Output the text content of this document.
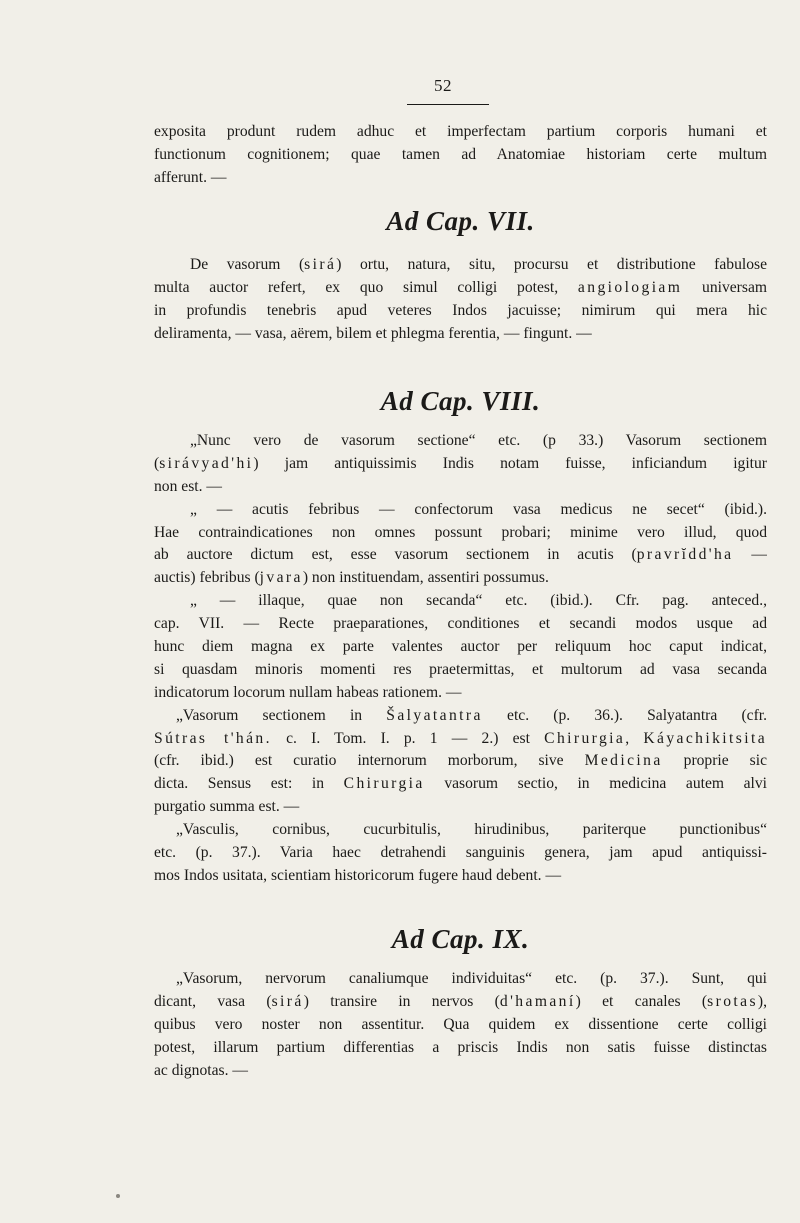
52
exposita produnt rudem adhuc et imperfectam partium corporis humani et
functionum cognitionem; quae tamen ad Anatomiae historiam certe multum
afferunt. —
Ad Cap. VII.
De vasorum (sirá) ortu, natura, situ, procursu et distributione fabulose
multa auctor refert, ex quo simul colligi potest, angiologiam universam
in profundis tenebris apud veteres Indos jacuisse; nimirum qui mera hic
deliramenta, — vasa, aërem, bilem et phlegma ferentia, — fingunt. —
Ad Cap. VIII.
„Nunc vero de vasorum sectione“ etc. (p 33.) Vasorum sectionem
(sirávyad'hi) jam antiquissimis Indis notam fuisse, inficiandum igitur
non est. —
„ — acutis febribus — confectorum vasa medicus ne secet“ (ibid.).
Hae contraindicationes non omnes possunt probari; minime vero illud, quod
ab auctore dictum est, esse vasorum sectionem in acutis (pravrĭdd'ha —
auctis) febribus (jvara) non instituendam, assentiri possumus.
„ — illaque, quae non secanda“ etc. (ibid.). Cfr. pag. anteced.,
cap. VII. — Recte praeparationes, conditiones et secandi modos usque ad
hunc diem magna ex parte valentes auctor per reliquum hoc caput indicat,
si quasdam minoris momenti res praetermittas, et multorum ad vasa secanda
indicatorum locorum nullam habeas rationem. —
„Vasorum sectionem in Šalyatantra etc. (p. 36.). Salyatantra (cfr.
Sútras t'hán. c. I. Tom. I. p. 1 — 2.) est Chirurgia, Káyachikitsita
(cfr. ibid.) est curatio internorum morborum, sive Medicina proprie sic
dicta. Sensus est: in Chirurgia vasorum sectio, in medicina autem alvi
purgatio summa est. —
„Vasculis, cornibus, cucurbitulis, hirudinibus, pariterque punctionibus“
etc. (p. 37.). Varia haec detrahendi sanguinis genera, jam apud antiquissi-
mos Indos usitata, scientiam historicorum fugere haud debent. —
Ad Cap. IX.
„Vasorum, nervorum canaliumque individuitas“ etc. (p. 37.). Sunt, qui
dicant, vasa (sirá) transire in nervos (d'hamaní) et canales (srotas),
quibus vero noster non assentitur. Qua quidem ex dissentione certe colligi
potest, illarum partium differentias a priscis Indis non satis fuisse distinctas
ac dignotas. —
